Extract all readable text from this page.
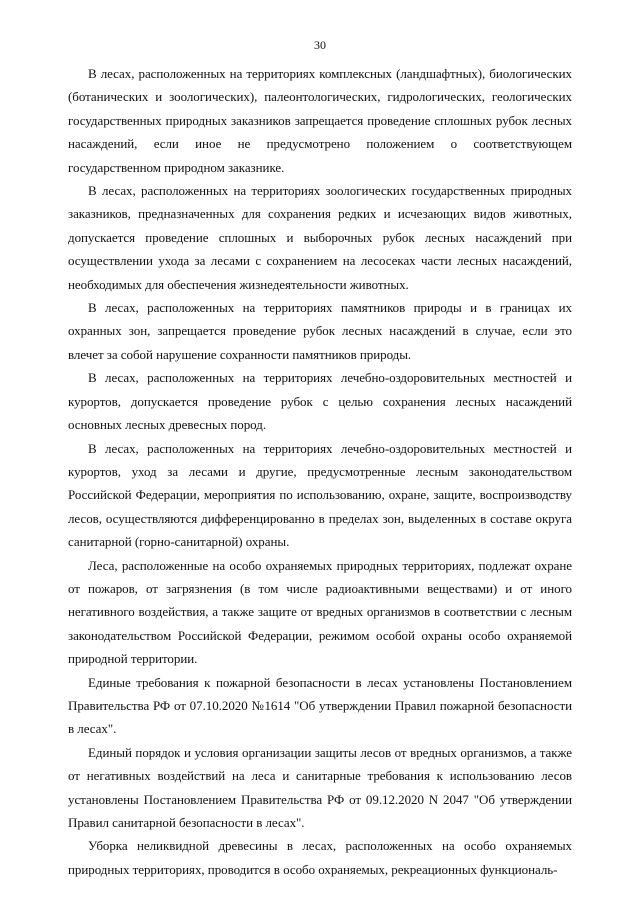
30

В лесах, расположенных на территориях комплексных (ландшафтных), биологических (ботанических и зоологических), палеонтологических, гидрологических, геологических государственных природных заказников запрещается проведение сплошных рубок лесных насаждений, если иное не предусмотрено положением о соответствующем государственном природном заказнике.

В лесах, расположенных на территориях зоологических государственных природных заказников, предназначенных для сохранения редких и исчезающих видов животных, допускается проведение сплошных и выборочных рубок лесных насаждений при осуществлении ухода за лесами с сохранением на лесосеках части лесных насаждений, необходимых для обеспечения жизнедеятельности животных.

В лесах, расположенных на территориях памятников природы и в границах их охранных зон, запрещается проведение рубок лесных насаждений в случае, если это влечет за собой нарушение сохранности памятников природы.

В лесах, расположенных на территориях лечебно-оздоровительных местностей и курортов, допускается проведение рубок с целью сохранения лесных насаждений основных лесных древесных пород.

В лесах, расположенных на территориях лечебно-оздоровительных местностей и курортов, уход за лесами и другие, предусмотренные лесным законодательством Российской Федерации, мероприятия по использованию, охране, защите, воспроизводству лесов, осуществляются дифференцированно в пределах зон, выделенных в составе округа санитарной (горно-санитарной) охраны.

Леса, расположенные на особо охраняемых природных территориях, подлежат охране от пожаров, от загрязнения (в том числе радиоактивными веществами) и от иного негативного воздействия, а также защите от вредных организмов в соответствии с лесным законодательством Российской Федерации, режимом особой охраны особо охраняемой природной территории.

Единые требования к пожарной безопасности в лесах установлены Постановлением Правительства РФ от 07.10.2020 №1614 "Об утверждении Правил пожарной безопасности в лесах".

Единый порядок и условия организации защиты лесов от вредных организмов, а также от негативных воздействий на леса и санитарные требования к использованию лесов установлены Постановлением Правительства РФ от 09.12.2020 N 2047 "Об утверждении Правил санитарной безопасности в лесах".

Уборка неликвидной древесины в лесах, расположенных на особо охраняемых природных территориях, проводится в особо охраняемых, рекреационных функциональ-
